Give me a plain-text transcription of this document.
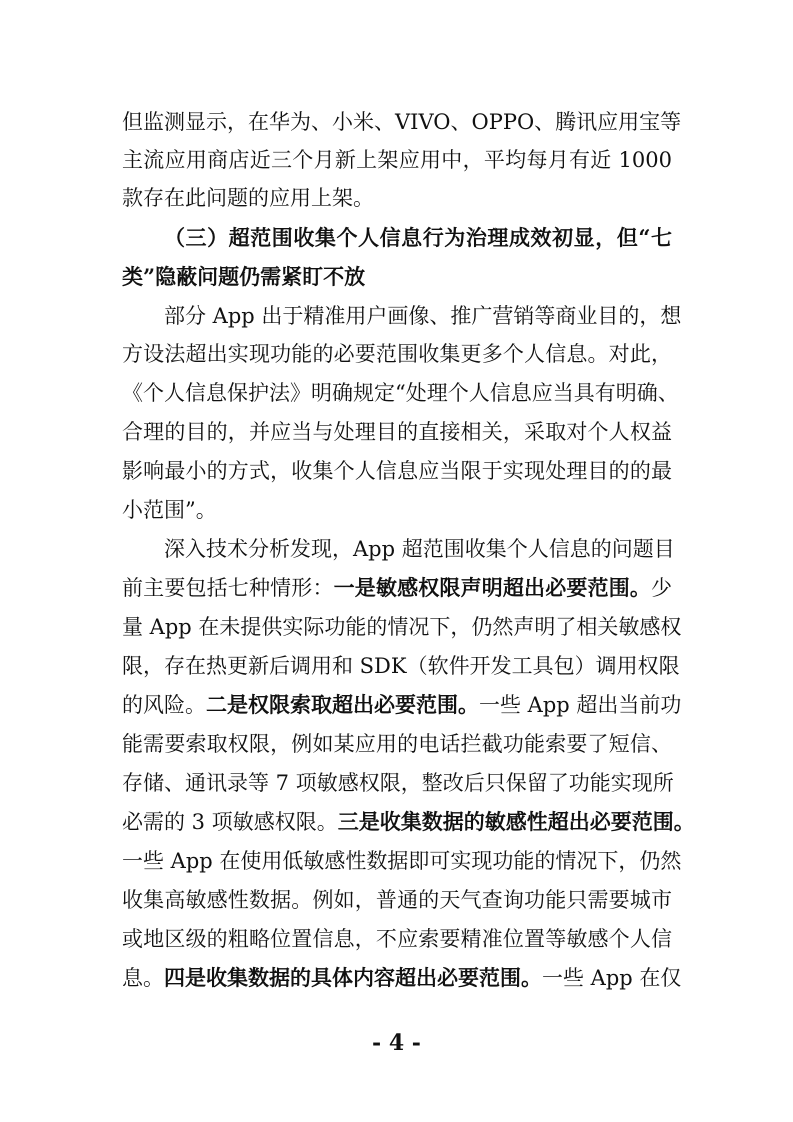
但监测显示，在华为、小米、VIVO、OPPO、腾讯应用宝等
主流应用商店近三个月新上架应用中，平均每月有近 1000
款存在此问题的应用上架。
（三）超范围收集个人信息行为治理成效初显，但“七
类”隐蔽问题仍需紧盯不放
部分 App 出于精准用户画像、推广营销等商业目的，想
方设法超出实现功能的必要范围收集更多个人信息。对此，
《个人信息保护法》明确规定“处理个人信息应当具有明确、
合理的目的，并应当与处理目的直接相关，采取对个人权益
影响最小的方式，收集个人信息应当限于实现处理目的的最
小范围”。
深入技术分析发现，App 超范围收集个人信息的问题目
前主要包括七种情形：一是敏感权限声明超出必要范围。少
量 App 在未提供实际功能的情况下，仍然声明了相关敏感权
限，存在热更新后调用和 SDK（软件开发工具包）调用权限
的风险。二是权限索取超出必要范围。一些 App 超出当前功
能需要索取权限，例如某应用的电话拦截功能索要了短信、
存储、通讯录等 7 项敏感权限，整改后只保留了功能实现所
必需的 3 项敏感权限。三是收集数据的敏感性超出必要范围。
一些 App 在使用低敏感性数据即可实现功能的情况下，仍然
收集高敏感性数据。例如，普通的天气查询功能只需要城市
或地区级的粗略位置信息，不应索要精准位置等敏感个人信
息。四是收集数据的具体内容超出必要范围。一些 App 在仅
- 4 -
